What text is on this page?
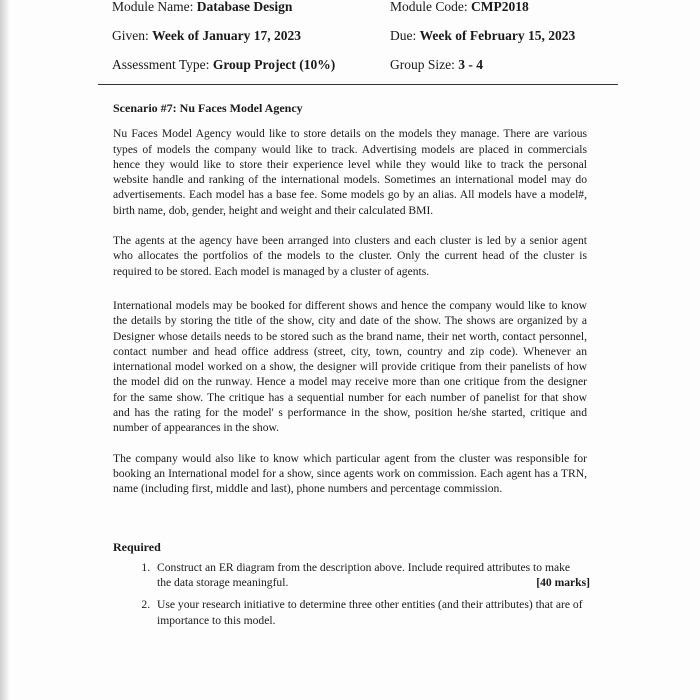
Module Name: Database Design	Module Code: CMP2018
Given: Week of January 17, 2023	Due: Week of February 15, 2023
Assessment Type: Group Project (10%)	Group Size: 3 - 4

Scenario #7: Nu Faces Model Agency

Nu Faces Model Agency would like to store details on the models they manage. There are various types of models the company would like to track. Advertising models are placed in commercials hence they would like to store their experience level while they would like to track the personal website handle and ranking of the international models. Sometimes an international model may do advertisements. Each model has a base fee. Some models go by an alias. All models have a model#, birth name, dob, gender, height and weight and their calculated BMI.

The agents at the agency have been arranged into clusters and each cluster is led by a senior agent who allocates the portfolios of the models to the cluster. Only the current head of the cluster is required to be stored. Each model is managed by a cluster of agents.

International models may be booked for different shows and hence the company would like to know the details by storing the title of the show, city and date of the show. The shows are organized by a Designer whose details needs to be stored such as the brand name, their net worth, contact personnel, contact number and head office address (street, city, town, country and zip code). Whenever an international model worked on a show, the designer will provide critique from their panelists of how the model did on the runway. Hence a model may receive more than one critique from the designer for the same show. The critique has a sequential number for each number of panelist for that show and has the rating for the model' s performance in the show, position he/she started, critique and number of appearances in the show.

The company would also like to know which particular agent from the cluster was responsible for booking an International model for a show, since agents work on commission. Each agent has a TRN, name (including first, middle and last), phone numbers and percentage commission.

Required

1. Construct an ER diagram from the description above. Include required attributes to make the data storage meaningful.	[40 marks]
2. Use your research initiative to determine three other entities (and their attributes) that are of importance to this model.
